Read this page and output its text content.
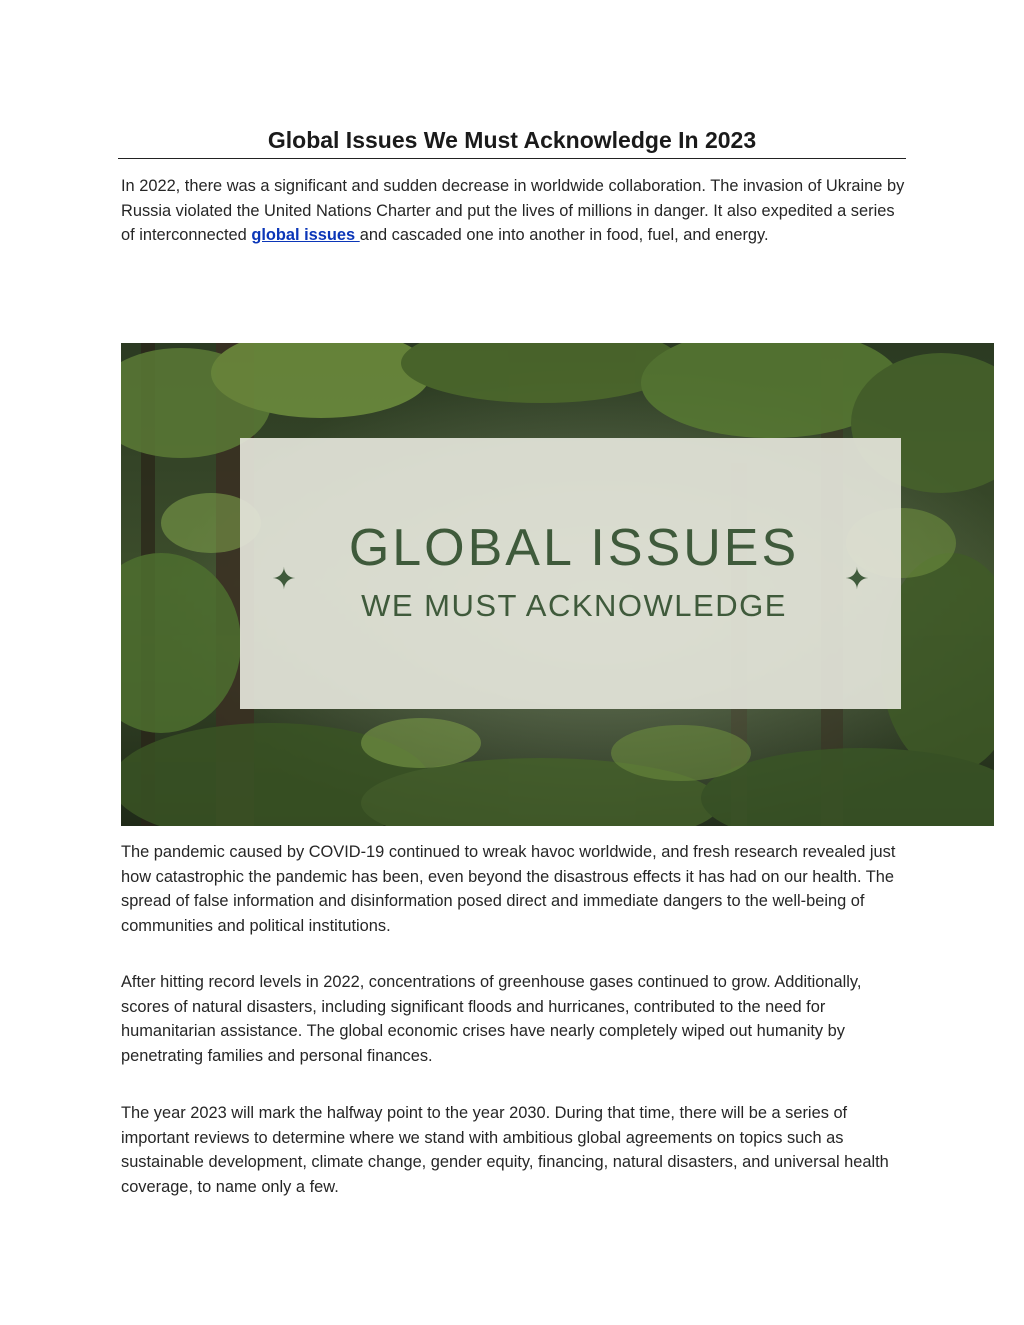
Global Issues We Must Acknowledge In 2023

In 2022, there was a significant and sudden decrease in worldwide collaboration. The invasion of Ukraine by Russia violated the United Nations Charter and put the lives of millions in danger. It also expedited a series of interconnected global issues and cascaded one into another in food, fuel, and energy.

GLOBAL ISSUES
WE MUST ACKNOWLEDGE
✦	✦

The pandemic caused by COVID-19 continued to wreak havoc worldwide, and fresh research revealed just how catastrophic the pandemic has been, even beyond the disastrous effects it has had on our health. The spread of false information and disinformation posed direct and immediate dangers to the well-being of communities and political institutions.

After hitting record levels in 2022, concentrations of greenhouse gases continued to grow. Additionally, scores of natural disasters, including significant floods and hurricanes, contributed to the need for humanitarian assistance. The global economic crises have nearly completely wiped out humanity by penetrating families and personal finances.

The year 2023 will mark the halfway point to the year 2030. During that time, there will be a series of important reviews to determine where we stand with ambitious global agreements on topics such as sustainable development, climate change, gender equity, financing, natural disasters, and universal health coverage, to name only a few.
